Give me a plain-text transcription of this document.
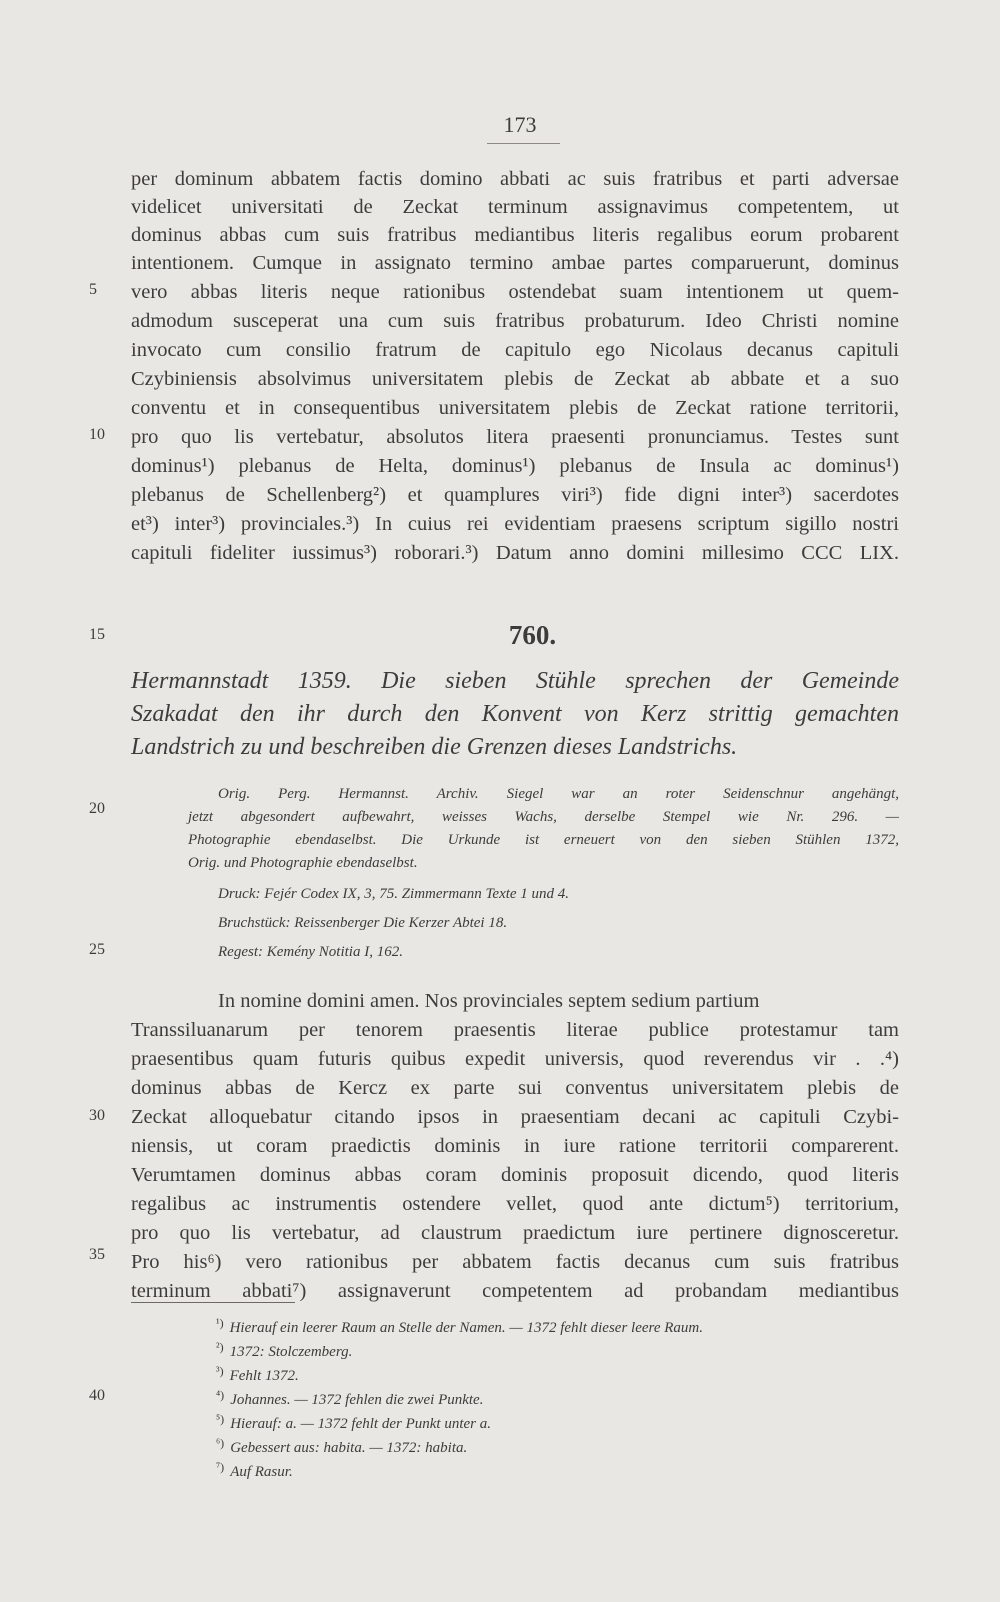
173
5
10
15
20
25
30
35
40
per dominum abbatem factis domino abbati ac suis fratribus et parti adversae
videlicet universitati de Zeckat terminum assignavimus competentem, ut
dominus abbas cum suis fratribus mediantibus literis regalibus eorum probarent
intentionem. Cumque in assignato termino ambae partes comparuerunt, dominus
vero abbas literis neque rationibus ostendebat suam intentionem ut quem-
admodum susceperat una cum suis fratribus probaturum. Ideo Christi nomine
invocato cum consilio fratrum de capitulo ego Nicolaus decanus capituli
Czybiniensis absolvimus universitatem plebis de Zeckat ab abbate et a suo
conventu et in consequentibus universitatem plebis de Zeckat ratione territorii,
pro quo lis vertebatur, absolutos litera praesenti pronunciamus. Testes sunt
dominus¹) plebanus de Helta, dominus¹) plebanus de Insula ac dominus¹)
plebanus de Schellenberg²) et quamplures viri³) fide digni inter³) sacerdotes
et³) inter³) provinciales.³) In cuius rei evidentiam praesens scriptum sigillo nostri
capituli fideliter iussimus³) roborari.³) Datum anno domini millesimo CCC LIX.
760.
Hermannstadt 1359. Die sieben Stühle sprechen der Gemeinde
Szakadat den ihr durch den Konvent von Kerz strittig gemachten
Landstrich zu und beschreiben die Grenzen dieses Landstrichs.
Orig. Perg. Hermannst. Archiv. Siegel war an roter Seidenschnur angehängt,
jetzt abgesondert aufbewahrt, weisses Wachs, derselbe Stempel wie Nr. 296. —
Photographie ebendaselbst. Die Urkunde ist erneuert von den sieben Stühlen 1372,
Orig. und Photographie ebendaselbst.
Druck: Fejér Codex IX, 3, 75. Zimmermann Texte 1 und 4.
Bruchstück: Reissenberger Die Kerzer Abtei 18.
Regest: Kemény Notitia I, 162.
In nomine domini amen. Nos provinciales septem sedium partium
Transsiluanarum per tenorem praesentis literae publice protestamur tam
praesentibus quam futuris quibus expedit universis, quod reverendus vir . .⁴)
dominus abbas de Kercz ex parte sui conventus universitatem plebis de
Zeckat alloquebatur citando ipsos in praesentiam decani ac capituli Czybi-
niensis, ut coram praedictis dominis in iure ratione territorii comparerent.
Verumtamen dominus abbas coram dominis proposuit dicendo, quod literis
regalibus ac instrumentis ostendere vellet, quod ante dictum⁵) territorium,
pro quo lis vertebatur, ad claustrum praedictum iure pertinere dignosceretur.
Pro his⁶) vero rationibus per abbatem factis decanus cum suis fratribus
terminum abbati⁷) assignaverunt competentem ad probandam mediantibus
$^{^1)}$ Hierauf ein leerer Raum an Stelle der Namen. — 1372 fehlt dieser leere Raum.
$^{^2)}$ 1372: Stolczemberg.
$^{^3)}$ Fehlt 1372.
$^{^4)}$ Johannes. — 1372 fehlen die zwei Punkte.
$^{^5)}$ Hierauf: a. — 1372 fehlt der Punkt unter a.
$^{^6)}$ Gebessert aus: habita. — 1372: habita.
$^{^7)}$ Auf Rasur.
